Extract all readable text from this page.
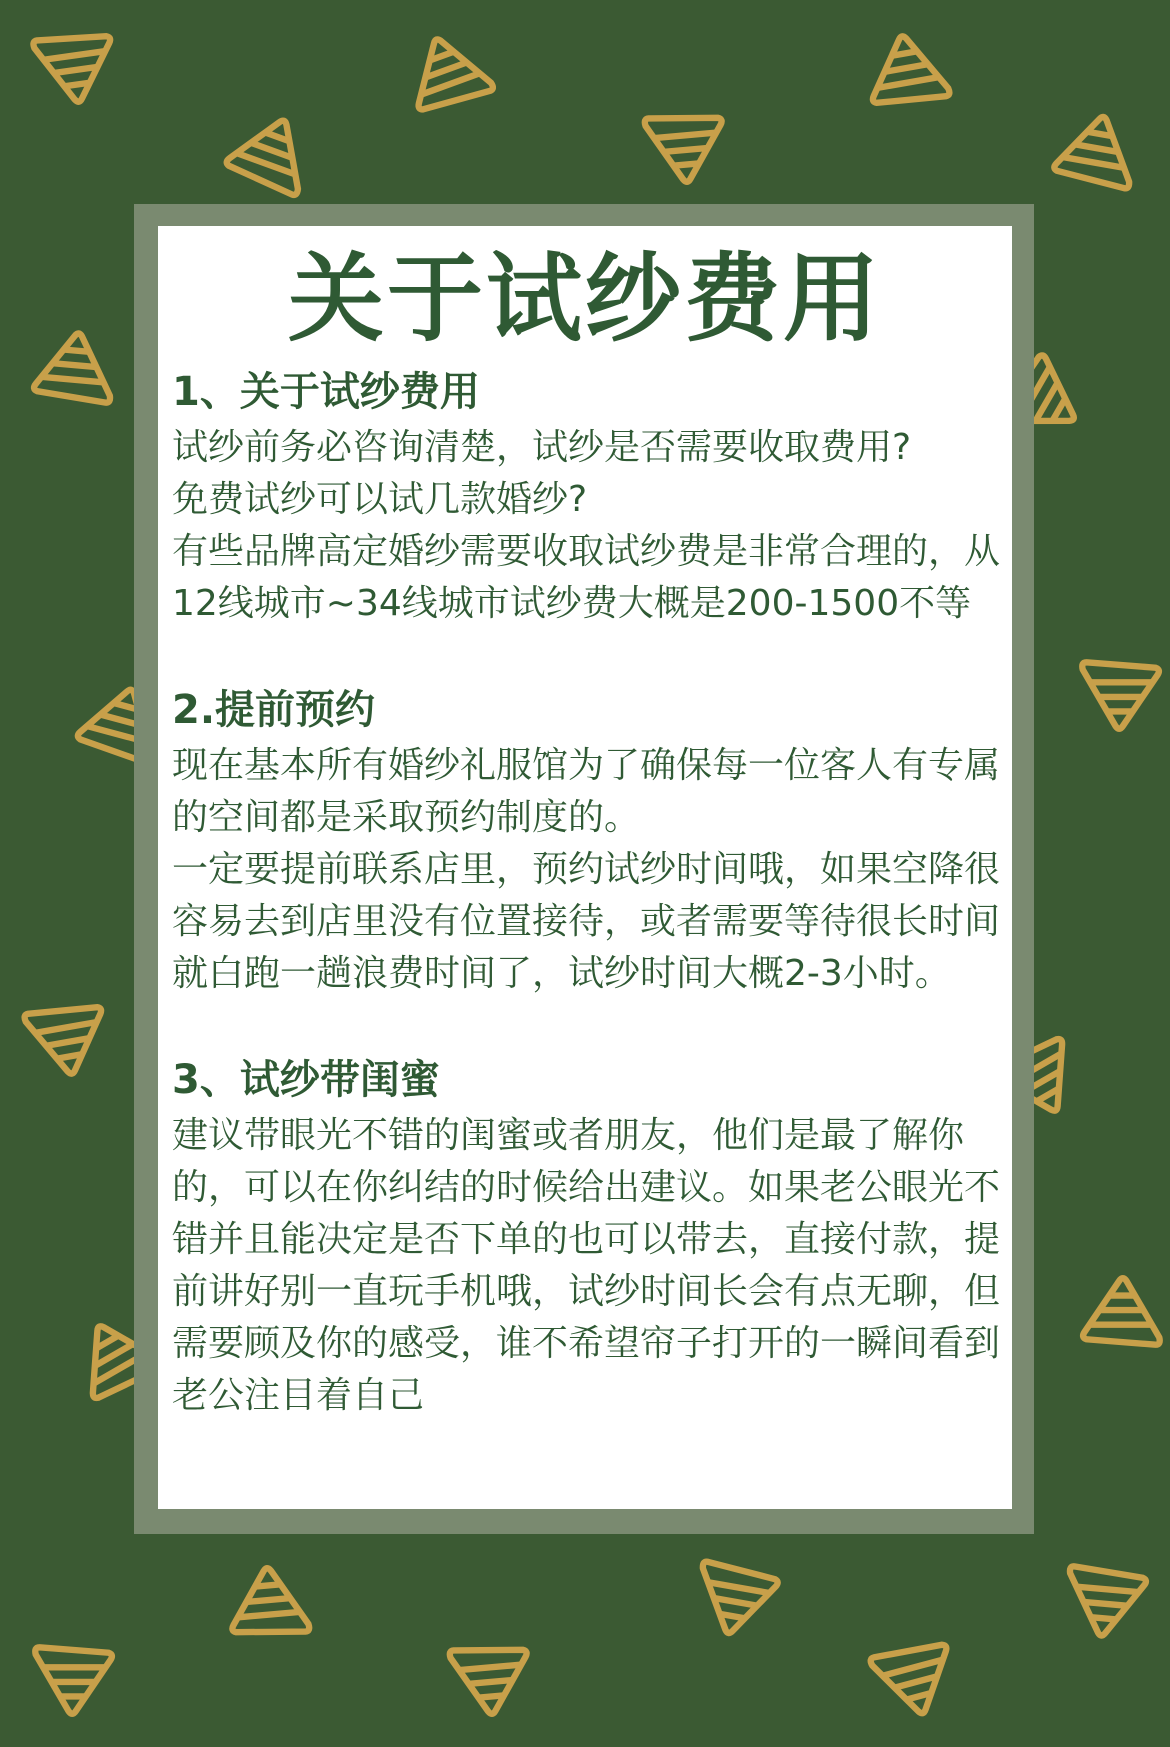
关于试纱费用
1、关于试纱费用

试纱前务必咨询清楚，试纱是否需要收取费用?

免费试纱可以试几款婚纱?

有些品牌高定婚纱需要收取试纱费是非常合理的，从12线城市~34线城市试纱费大概是200-1500不等

2.提前预约

现在基本所有婚纱礼服馆为了确保每一位客人有专属的空间都是采取预约制度的。

一定要提前联系店里，预约试纱时间哦，如果空降很容易去到店里没有位置接待，或者需要等待很长时间就白跑一趟浪费时间了，试纱时间大概2-3小时。

3、试纱带闺蜜

建议带眼光不错的闺蜜或者朋友，他们是最了解你的，可以在你纠结的时候给出建议。如果老公眼光不错并且能决定是否下单的也可以带去，直接付款，提前讲好别一直玩手机哦，试纱时间长会有点无聊，但需要顾及你的感受，谁不希望帘子打开的一瞬间看到老公注目着自己
